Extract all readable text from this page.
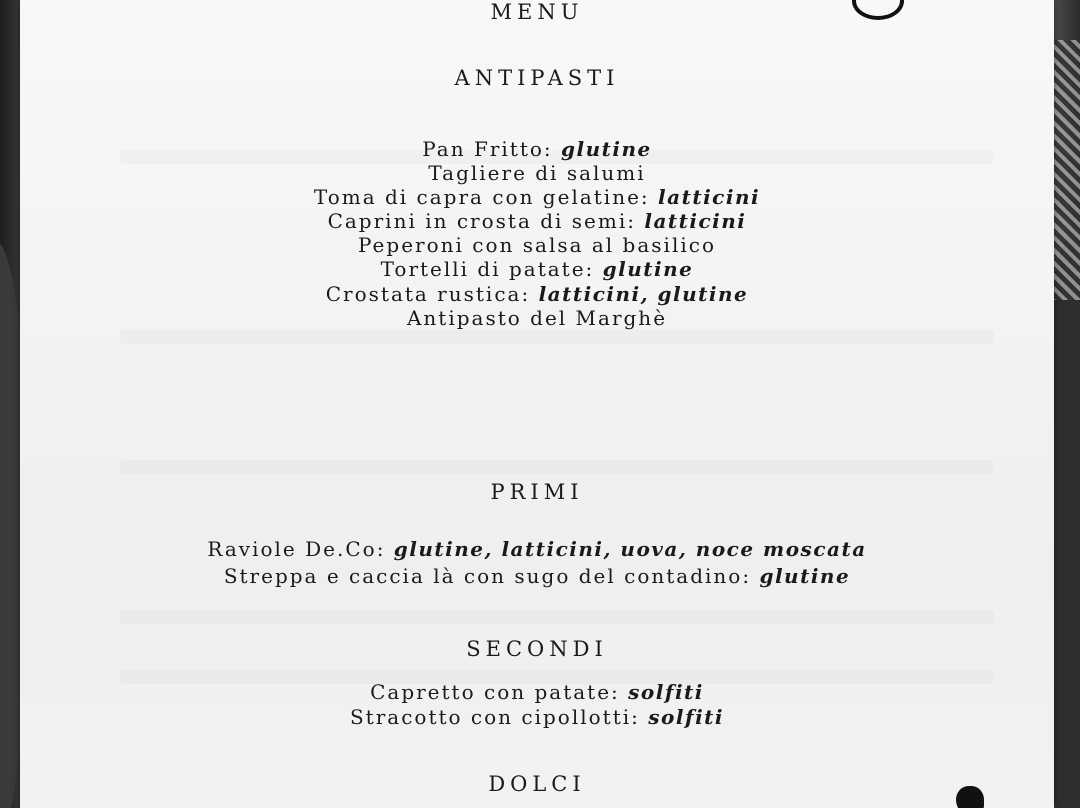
MENU
ANTIPASTI
Pan Fritto: glutine
Tagliere di salumi
Toma di capra con gelatine: latticini
Caprini in crosta di semi: latticini
Peperoni con salsa al basilico
Tortelli di patate: glutine
Crostata rustica: latticini, glutine
Antipasto del Marghè
PRIMI
Raviole De.Co: glutine, latticini, uova, noce moscata
Streppa e caccia là con sugo del contadino: glutine
SECONDI
Capretto con patate: solfiti
Stracotto con cipollotti: solfiti
DOLCI
